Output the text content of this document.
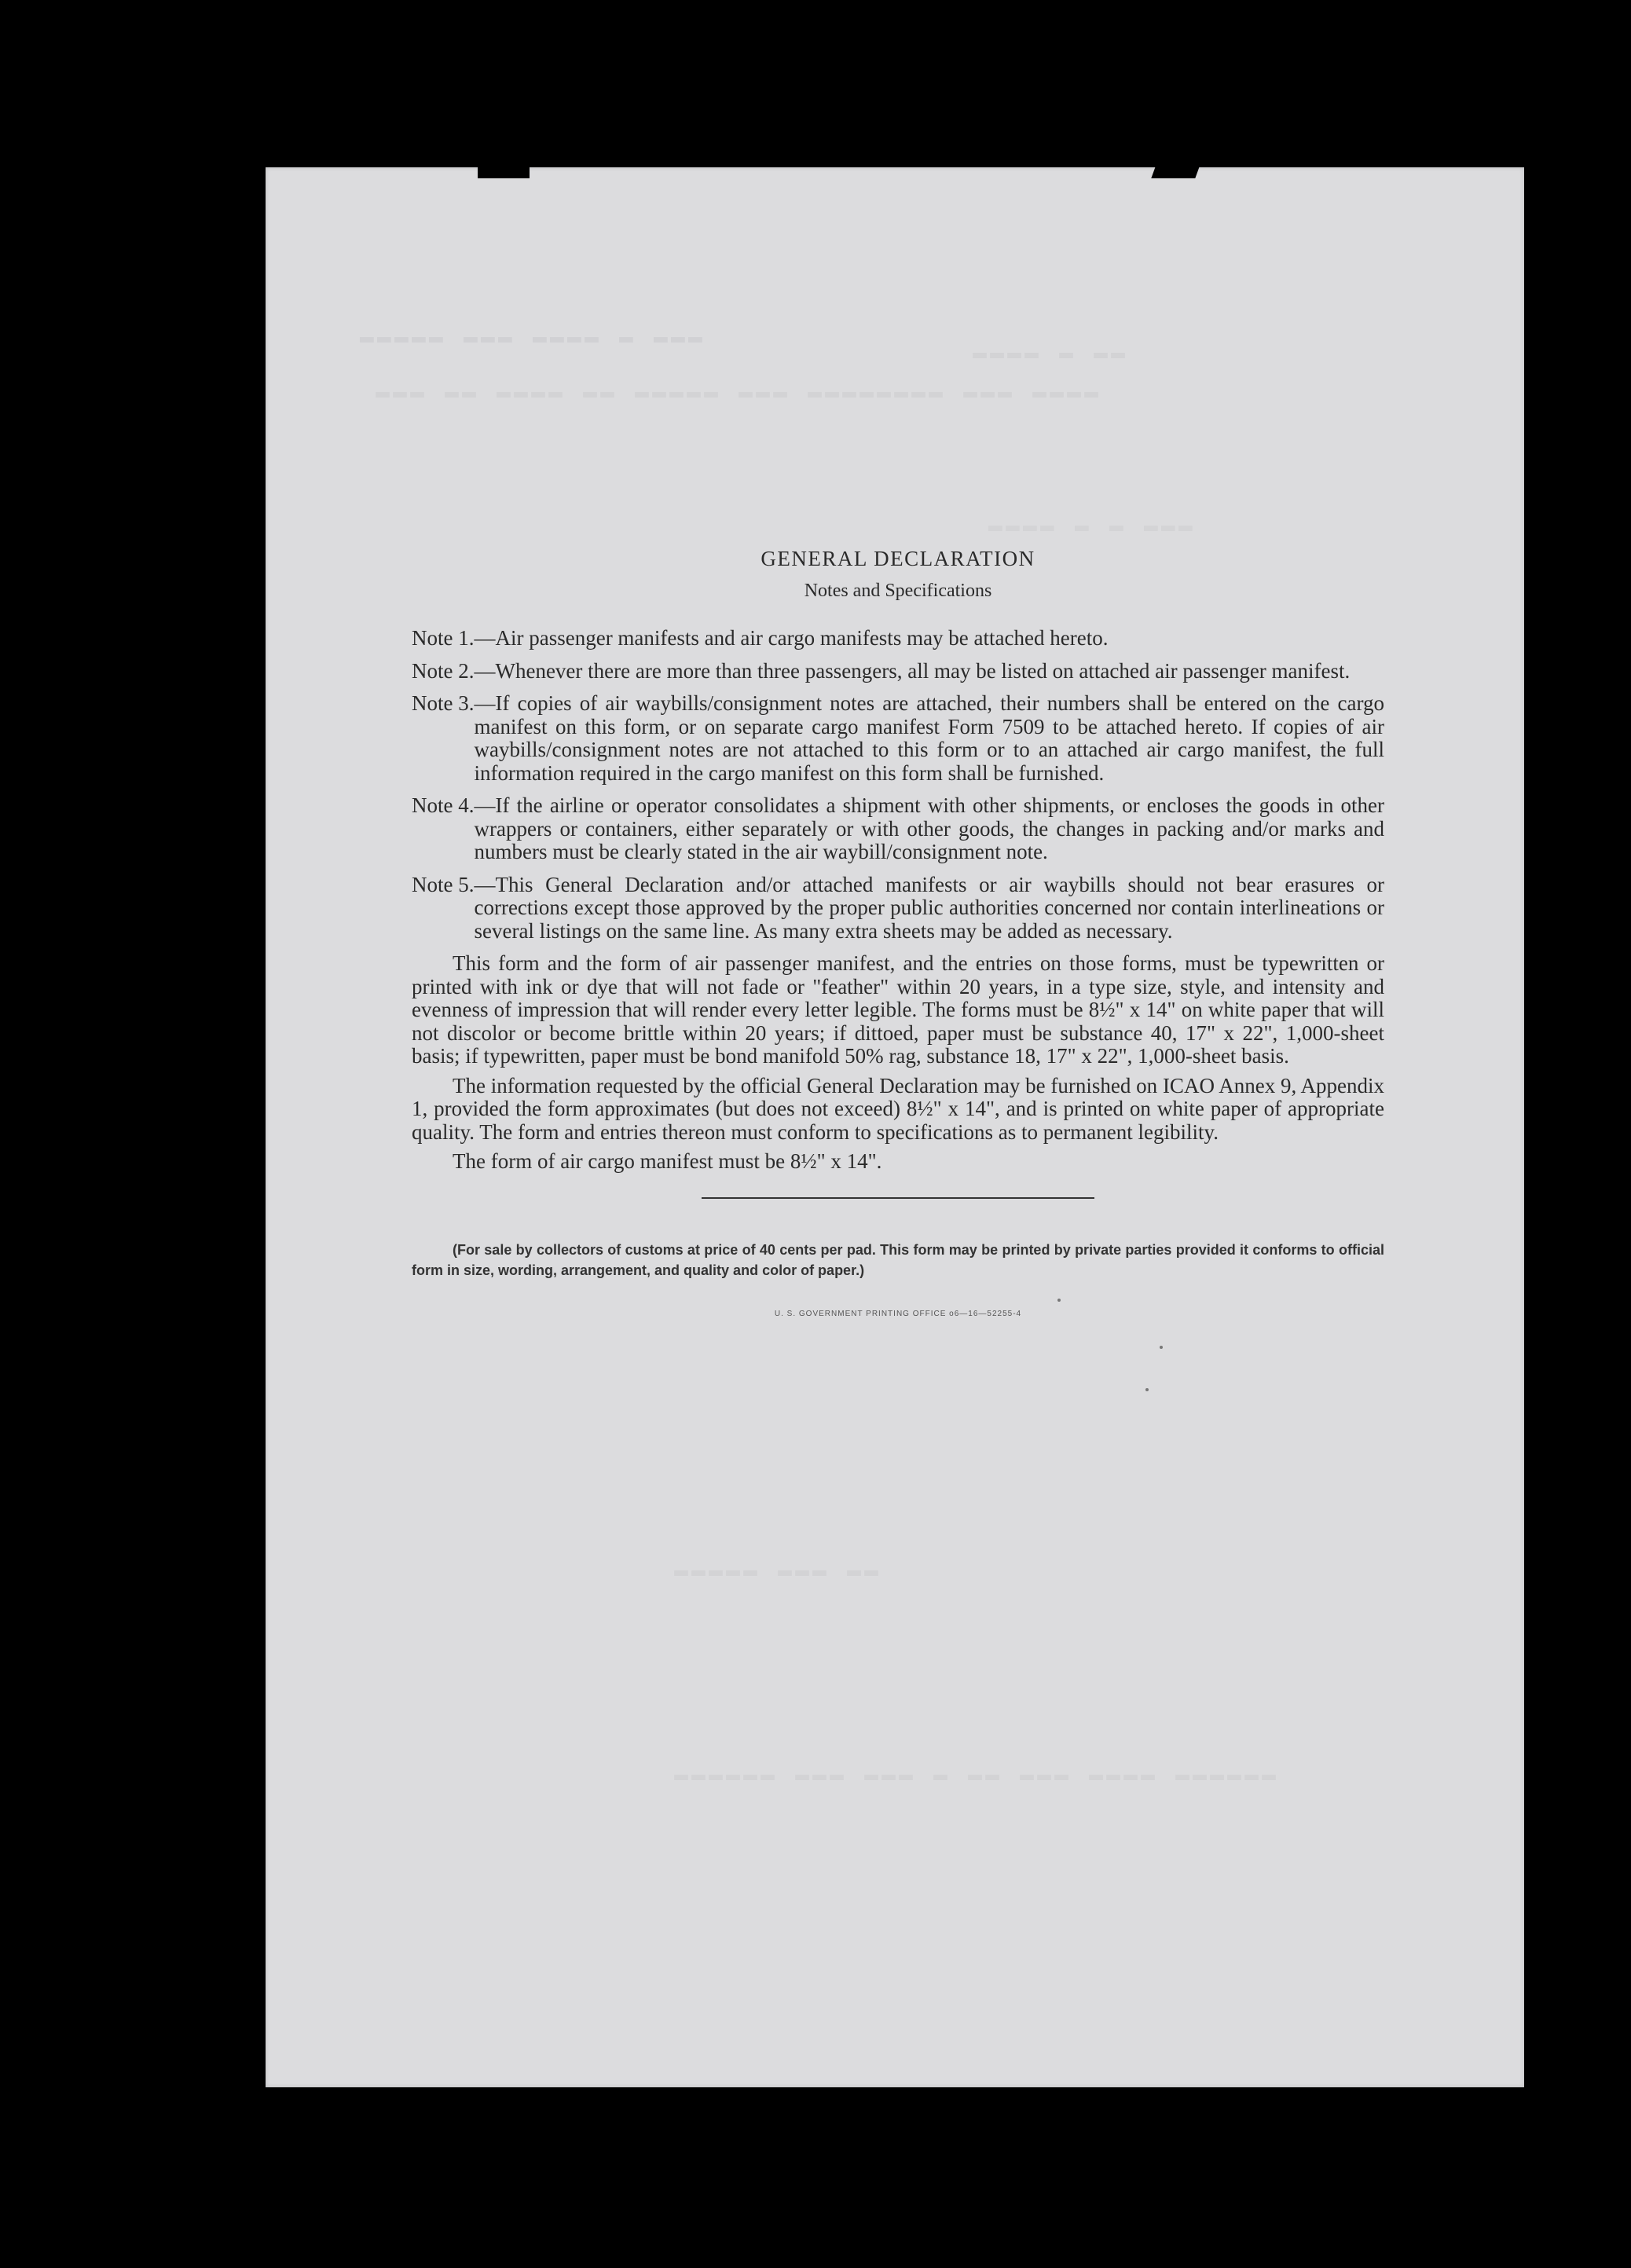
▬▬▬▬▬ ▬▬▬ ▬▬▬▬ ▬ ▬▬▬
▬▬▬ ▬▬ ▬▬▬▬ ▬▬ ▬▬▬▬▬ ▬▬▬ ▬▬▬▬▬▬▬▬ ▬▬▬ ▬▬▬▬
▬▬▬▬ ▬ ▬▬
▬▬▬▬ ▬ ▬ ▬▬▬
▬▬▬▬▬ ▬▬▬ ▬▬
▬▬▬▬▬▬ ▬▬▬ ▬▬▬ ▬ ▬▬ ▬▬▬ ▬▬▬▬ ▬▬▬▬▬▬
GENERAL DECLARATION
Notes and Specifications
Note 1. —Air passenger manifests and air cargo manifests may be attached hereto.
Note 2. —Whenever there are more than three passengers, all may be listed on attached air passenger manifest.
Note 3. —If copies of air waybills/consignment notes are attached, their numbers shall be entered on the cargo manifest on this form, or on separate cargo manifest Form 7509 to be attached hereto. If copies of air waybills/consignment notes are not attached to this form or to an attached air cargo manifest, the full information required in the cargo manifest on this form shall be furnished.
Note 4. —If the airline or operator consolidates a shipment with other shipments, or encloses the goods in other wrappers or containers, either separately or with other goods, the changes in packing and/or marks and numbers must be clearly stated in the air waybill/consignment note.
Note 5. —This General Declaration and/or attached manifests or air waybills should not bear erasures or corrections except those approved by the proper public authorities concerned nor contain interlineations or several listings on the same line. As many extra sheets may be added as necessary.

This form and the form of air passenger manifest, and the entries on those forms, must be typewritten or printed with ink or dye that will not fade or "feather" within 20 years, in a type size, style, and intensity and evenness of impression that will render every letter legible. The forms must be 8½" x 14" on white paper that will not discolor or become brittle within 20 years; if dittoed, paper must be substance 40, 17" x 22", 1,000-sheet basis; if typewritten, paper must be bond manifold 50% rag, substance 18, 17" x 22", 1,000-sheet basis.

The information requested by the official General Declaration may be furnished on ICAO Annex 9, Appendix 1, provided the form approximates (but does not exceed) 8½" x 14", and is printed on white paper of appropriate quality. The form and entries thereon must conform to specifications as to permanent legibility.

The form of air cargo manifest must be 8½" x 14".

(For sale by collectors of customs at price of 40 cents per pad. This form may be printed by private parties provided it conforms to official form in size, wording, arrangement, and quality and color of paper.)
U. S. GOVERNMENT PRINTING OFFICE o6—16—52255-4
